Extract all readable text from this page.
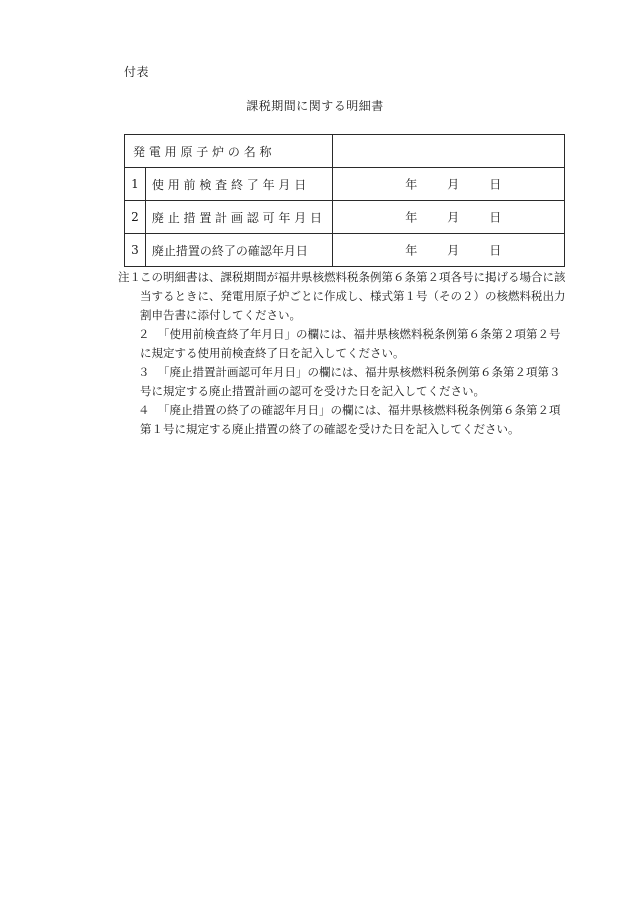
付表
課税期間に関する明細書
発 電 用 原 子 炉 の 名 称		
1	使 用 前 検 査 終 了 年 月 日	年 月 日

2	廃 止 措 置 計 画 認 可 年 月 日	年 月 日

3	廃止措置の終了の確認年月日	年 月 日
注１ この明細書は、課税期間が福井県核燃料税条例第６条第２項各号に掲げる場合に該当するときに、発電用原子炉ごとに作成し、様式第１号（その２）の核燃料税出力割申告書に添付してください。
２ 「使用前検査終了年月日」の欄には、福井県核燃料税条例第６条第２項第２号に規定する使用前検査終了日を記入してください。
３ 「廃止措置計画認可年月日」の欄には、福井県核燃料税条例第６条第２項第３号に規定する廃止措置計画の認可を受けた日を記入してください。
４ 「廃止措置の終了の確認年月日」の欄には、福井県核燃料税条例第６条第２項第１号に規定する廃止措置の終了の確認を受けた日を記入してください。
